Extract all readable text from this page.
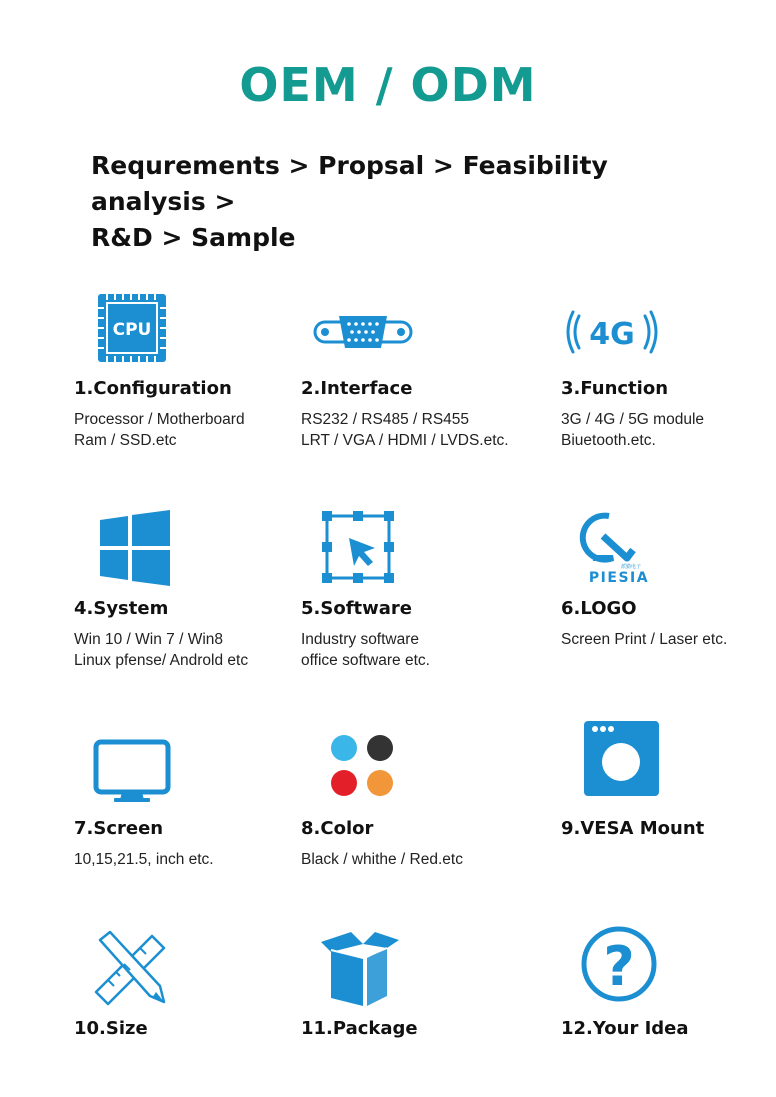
OEM / ODM
Requrements > Propsal > Feasibility analysis >
R&D > Sample
CPU
1.Configuration
Processor / Motherboard
Ram / SSD.etc
2.Interface
RS232 / RS485 / RS455
LRT / VGA / HDMI / LVDS.etc.
4G
3.Function
3G / 4G / 5G module
Biuetooth.etc.
4.System
Win 10 / Win 7 / Win8
Linux pfense/ Androld etc
5.Software
Industry software
office software etc.
派勤电子
PIESIA
6.LOGO
Screen Print / Laser etc.
7.Screen
10,15,21.5, inch etc.
8.Color
Black / whithe / Red.etc
9.VESA Mount
10.Size	11.Package
?
12.Your Idea
